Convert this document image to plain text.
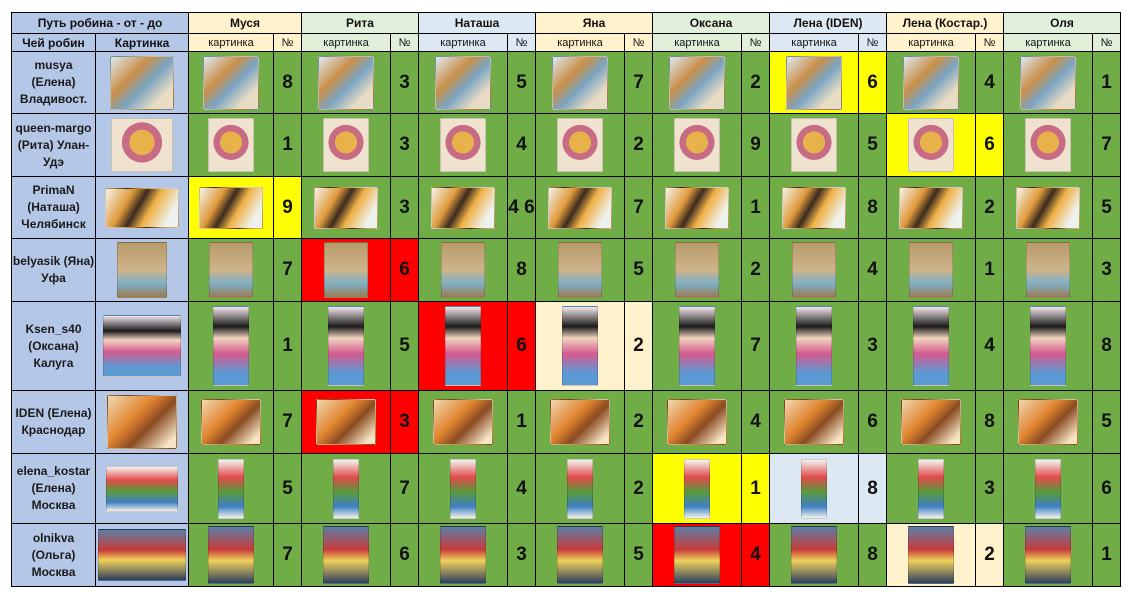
Путь робина - от - до		Муся		Рита		Наташа		Яна		Оксана		Лена (IDEN)		Лена (Костар.)		Оля	
Чей робин	Картинка	картинка	№	картинка	№	картинка	№	картинка	№	картинка	№	картинка	№	картинка	№	картинка	№
musya (Елена) Владивост.			8		3		5		7		2		6		4		1
queen-margo (Рита) Улан-Удэ			1		3		4		2		9		5		6		7
PrimaN (Наташа) Челябинск			9		3		4 6		7		1		8		2		5
belyasik (Яна) Уфа			7		6		8		5		2		4		1		3
Ksen_s40 (Оксана) Калуга			1		5		6		2		7		3		4		8
IDEN (Елена) Краснодар			7		3		1		2		4		6		8		5
elena_kostar (Елена) Москва			5		7		4		2		1		8		3		6
olnikva (Ольга) Москва			7		6		3		5		4		8		2		1
